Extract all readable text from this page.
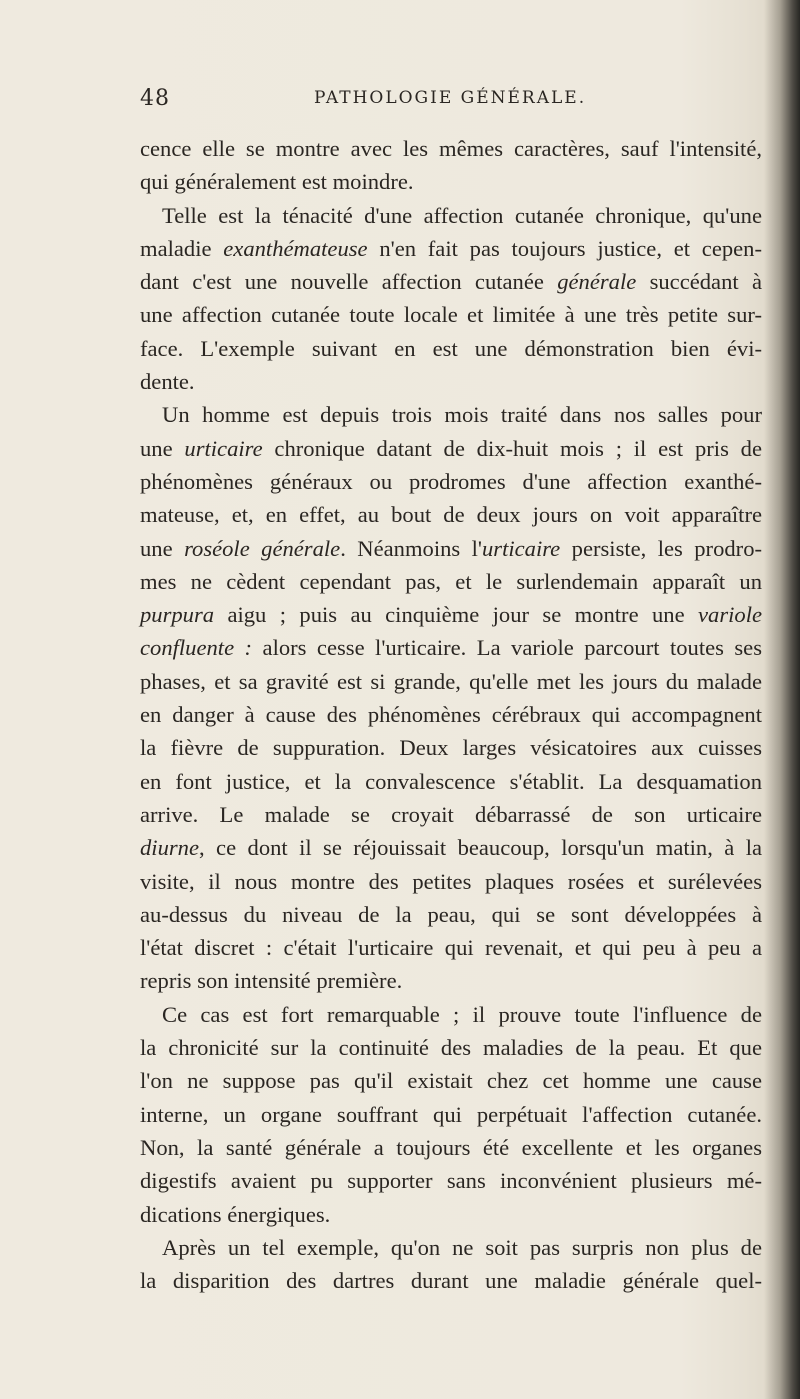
48	PATHOLOGIE GÉNÉRALE.
cence elle se montre avec les mêmes caractères, sauf l'intensité,
qui généralement est moindre.
Telle est la ténacité d'une affection cutanée chronique, qu'une
maladie exanthémateuse n'en fait pas toujours justice, et cepen-
dant c'est une nouvelle affection cutanée générale succédant à
une affection cutanée toute locale et limitée à une très petite sur-
face. L'exemple suivant en est une démonstration bien évi-
dente.
Un homme est depuis trois mois traité dans nos salles pour
une urticaire chronique datant de dix-huit mois ; il est pris de
phénomènes généraux ou prodromes d'une affection exanthé-
mateuse, et, en effet, au bout de deux jours on voit apparaître
une roséole générale. Néanmoins l'urticaire persiste, les prodro-
mes ne cèdent cependant pas, et le surlendemain apparaît un
purpura aigu ; puis au cinquième jour se montre une variole
confluente : alors cesse l'urticaire. La variole parcourt toutes ses
phases, et sa gravité est si grande, qu'elle met les jours du malade
en danger à cause des phénomènes cérébraux qui accompagnent
la fièvre de suppuration. Deux larges vésicatoires aux cuisses
en font justice, et la convalescence s'établit. La desquamation
arrive. Le malade se croyait débarrassé de son urticaire
diurne, ce dont il se réjouissait beaucoup, lorsqu'un matin, à la
visite, il nous montre des petites plaques rosées et surélevées
au-dessus du niveau de la peau, qui se sont développées à
l'état discret : c'était l'urticaire qui revenait, et qui peu à peu a
repris son intensité première.
Ce cas est fort remarquable ; il prouve toute l'influence de
la chronicité sur la continuité des maladies de la peau. Et que
l'on ne suppose pas qu'il existait chez cet homme une cause
interne, un organe souffrant qui perpétuait l'affection cutanée.
Non, la santé générale a toujours été excellente et les organes
digestifs avaient pu supporter sans inconvénient plusieurs mé-
dications énergiques.
Après un tel exemple, qu'on ne soit pas surpris non plus de
la disparition des dartres durant une maladie générale quel-
